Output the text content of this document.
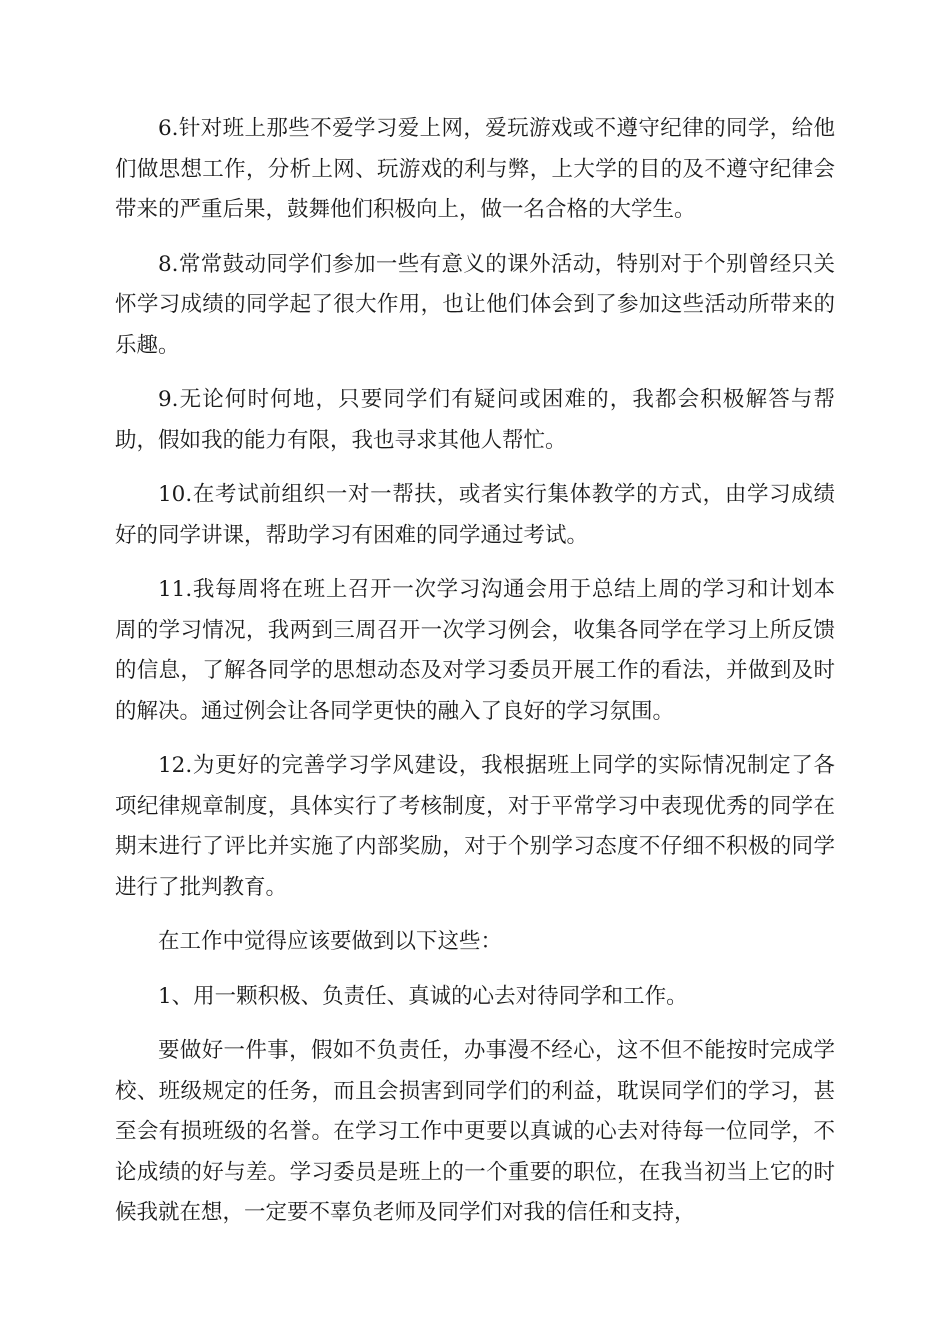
6.针对班上那些不爱学习爱上网，爱玩游戏或不遵守纪律的同学，给他们做思想工作，分析上网、玩游戏的利与弊，上大学的目的及不遵守纪律会带来的严重后果，鼓舞他们积极向上，做一名合格的大学生。

8.常常鼓动同学们参加一些有意义的课外活动，特别对于个别曾经只关怀学习成绩的同学起了很大作用，也让他们体会到了参加这些活动所带来的乐趣。

9.无论何时何地，只要同学们有疑问或困难的，我都会积极解答与帮助，假如我的能力有限，我也寻求其他人帮忙。

10.在考试前组织一对一帮扶，或者实行集体教学的方式，由学习成绩好的同学讲课，帮助学习有困难的同学通过考试。

11.我每周将在班上召开一次学习沟通会用于总结上周的学习和计划本周的学习情况，我两到三周召开一次学习例会，收集各同学在学习上所反馈的信息，了解各同学的思想动态及对学习委员开展工作的看法，并做到及时的解决。通过例会让各同学更快的融入了良好的学习氛围。

12.为更好的完善学习学风建设，我根据班上同学的实际情况制定了各项纪律规章制度，具体实行了考核制度，对于平常学习中表现优秀的同学在期末进行了评比并实施了内部奖励，对于个别学习态度不仔细不积极的同学进行了批判教育。

在工作中觉得应该要做到以下这些：

1、用一颗积极、负责任、真诚的心去对待同学和工作。

要做好一件事，假如不负责任，办事漫不经心，这不但不能按时完成学校、班级规定的任务，而且会损害到同学们的利益，耽误同学们的学习，甚至会有损班级的名誉。在学习工作中更要以真诚的心去对待每一位同学，不论成绩的好与差。学习委员是班上的一个重要的职位，在我当初当上它的时候我就在想，一定要不辜负老师及同学们对我的信任和支持，
